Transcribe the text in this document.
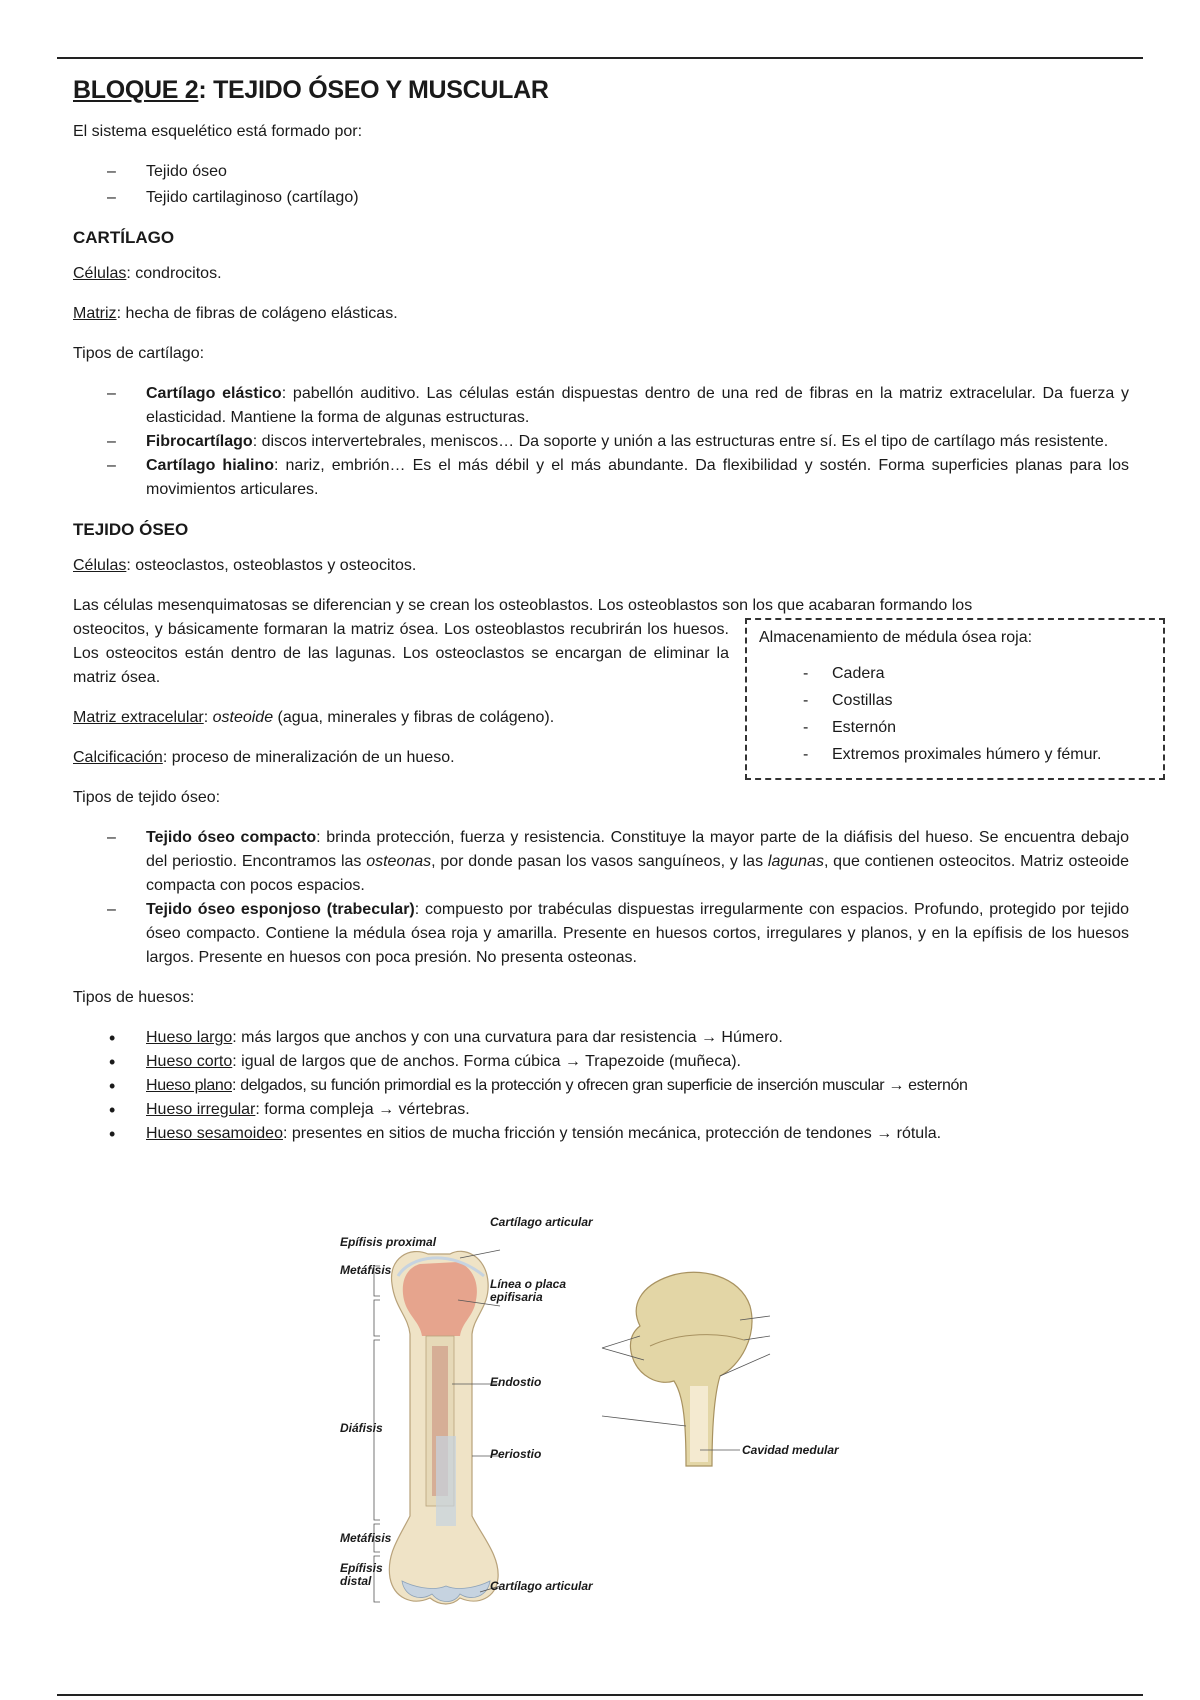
BLOQUE 2: TEJIDO ÓSEO Y MUSCULAR

El sistema esquelético está formado por:

– Tejido óseo
– Tejido cartilaginoso (cartílago)
CARTÍLAGO

Células: condrocitos.

Matriz: hecha de fibras de colágeno elásticas.

Tipos de cartílago:

– Cartílago elástico: pabellón auditivo. Las células están dispuestas dentro de una red de fibras en la matriz extracelular. Da fuerza y elasticidad. Mantiene la forma de algunas estructuras.
– Fibrocartílago: discos intervertebrales, meniscos… Da soporte y unión a las estructuras entre sí. Es el tipo de cartílago más resistente.
– Cartílago hialino: nariz, embrión… Es el más débil y el más abundante. Da flexibilidad y sostén. Forma superficies planas para los movimientos articulares.
TEJIDO ÓSEO

Células: osteoclastos, osteoblastos y osteocitos.

Las células mesenquimatosas se diferencian y se crean los osteoblastos. Los osteoblastos son los que acabaran formando los

Almacenamiento de médula ósea roja:
- Cadera
- Costillas
- Esternón
- Extremos proximales húmero y fémur.

osteocitos, y básicamente formaran la matriz ósea. Los osteoblastos recubrirán los huesos. Los osteocitos están dentro de las lagunas. Los osteoclastos se encargan de eliminar la matriz ósea.

Matriz extracelular: osteoide (agua, minerales y fibras de colágeno).

Calcificación: proceso de mineralización de un hueso.

Tipos de tejido óseo:

– Tejido óseo compacto: brinda protección, fuerza y resistencia. Constituye la mayor parte de la diáfisis del hueso. Se encuentra debajo del periostio. Encontramos las osteonas, por donde pasan los vasos sanguíneos, y las lagunas, que contienen osteocitos. Matriz osteoide compacta con pocos espacios.
– Tejido óseo esponjoso (trabecular): compuesto por trabéculas dispuestas irregularmente con espacios. Profundo, protegido por tejido óseo compacto. Contiene la médula ósea roja y amarilla. Presente en huesos cortos, irregulares y planos, y en la epífisis de los huesos largos. Presente en huesos con poca presión. No presenta osteonas.

Tipos de huesos:

• Hueso largo: más largos que anchos y con una curvatura para dar resistencia → Húmero.
• Hueso corto: igual de largos que de anchos. Forma cúbica → Trapezoide (muñeca).
• Hueso plano: delgados, su función primordial es la protección y ofrecen gran superficie de inserción muscular → esternón
• Hueso irregular: forma compleja → vértebras.
• Hueso sesamoideo: presentes en sitios de mucha fricción y tensión mecánica, protección de tendones → rótula.
Epífisis proximal
Metáfisis
Diáfisis
Metáfisis
Epífisis distal
Cartílago articular
Línea o placa epifisaria
Endostio
Periostio
Cartílago articular
Cavidad medular
